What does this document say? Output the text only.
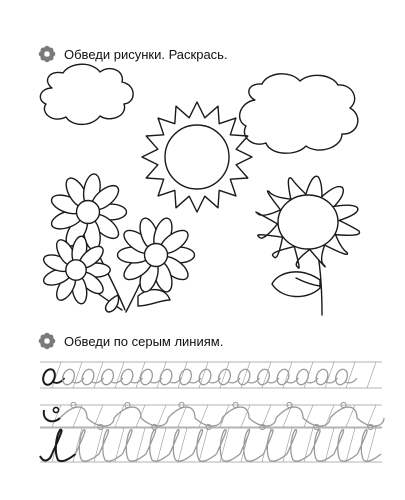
Обведи рисунки. Раскрась.
Обведи по серым линиям.
